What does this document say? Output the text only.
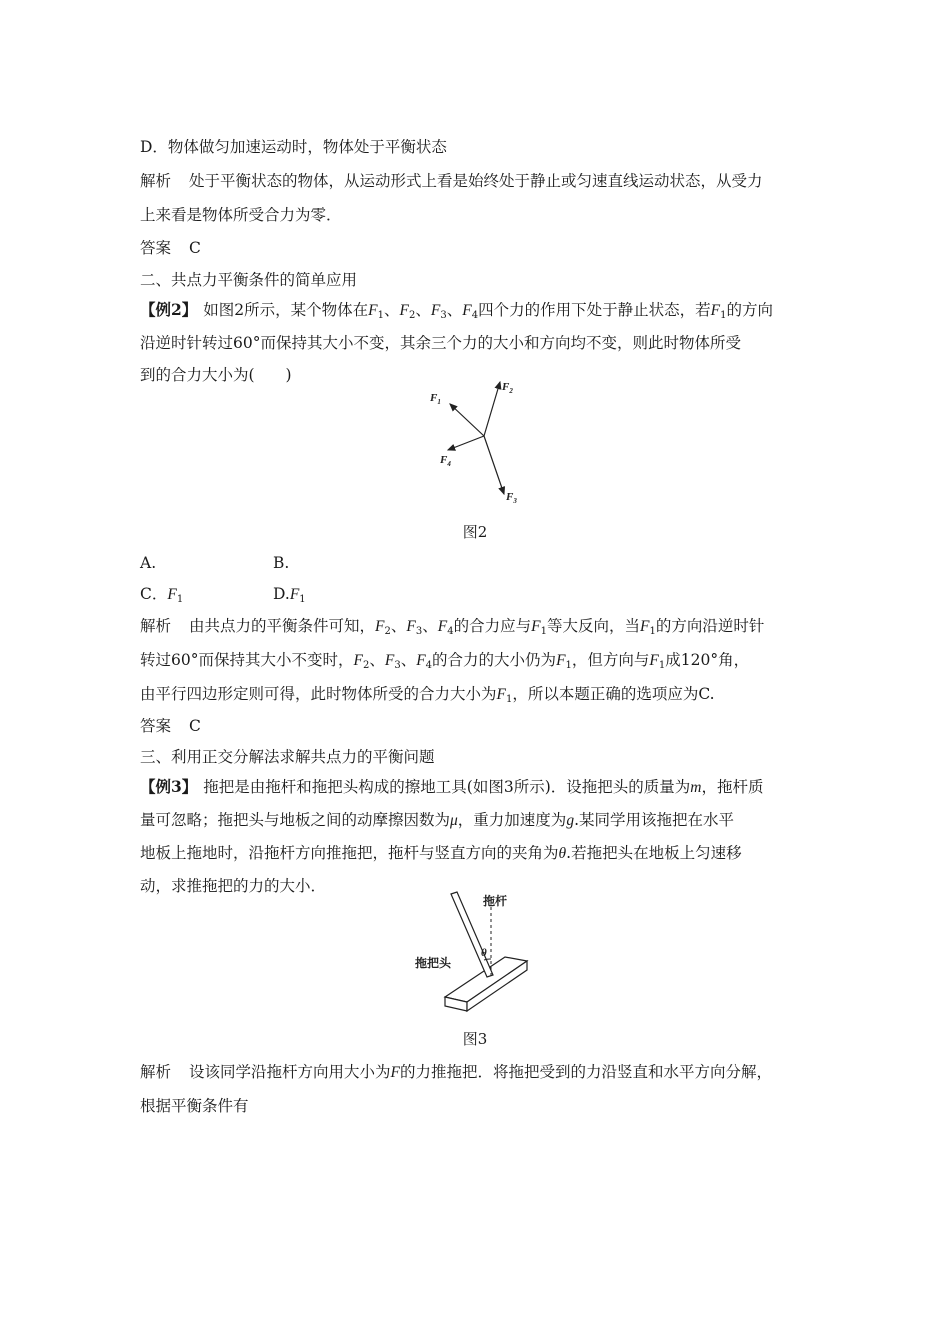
D．物体做匀加速运动时，物体处于平衡状态
解析 处于平衡状态的物体，从运动形式上看是始终处于静止或匀速直线运动状态，从受力
上来看是物体所受合力为零．
答案 C
二、共点力平衡条件的简单应用
【例2】 如图2所示，某个物体在$F_1$、$F_2$、$F_3$、$F_4$四个力的作用下处于静止状态，若$F_1$的方向
沿逆时针转过60°而保持其大小不变，其余三个力的大小和方向均不变，则此时物体所受
到的合力大小为(　　)
$F_1$
$F_2$
$F_3$
$F_4$
图2
A.	B.
C．$F_1$	$D.F_1$
解析 由共点力的平衡条件可知，$F_2$、$F_3$、$F_4$的合力应与$F_1$等大反向，当$F_1$的方向沿逆时针
转过60°而保持其大小不变时，$F_2$、$F_3$、$F_4$的合力的大小仍为$F_1$，但方向与$F_1$成120°角，
由平行四边形定则可得，此时物体所受的合力大小为$F_1$，所以本题正确的选项应为C.
答案 C
三、利用正交分解法求解共点力的平衡问题
【例3】 拖把是由拖杆和拖把头构成的擦地工具(如图3所示)．设拖把头的质量为m，拖杆质
量可忽略；拖把头与地板之间的动摩擦因数为μ，重力加速度为g.某同学用该拖把在水平
地板上拖地时，沿拖杆方向推拖把，拖杆与竖直方向的夹角为θ.若拖把头在地板上匀速移
动，求推拖把的力的大小．
θ
拖杆
拖把头
图3
解析 设该同学沿拖杆方向用大小为F的力推拖把．将拖把受到的力沿竖直和水平方向分解，
根据平衡条件有
